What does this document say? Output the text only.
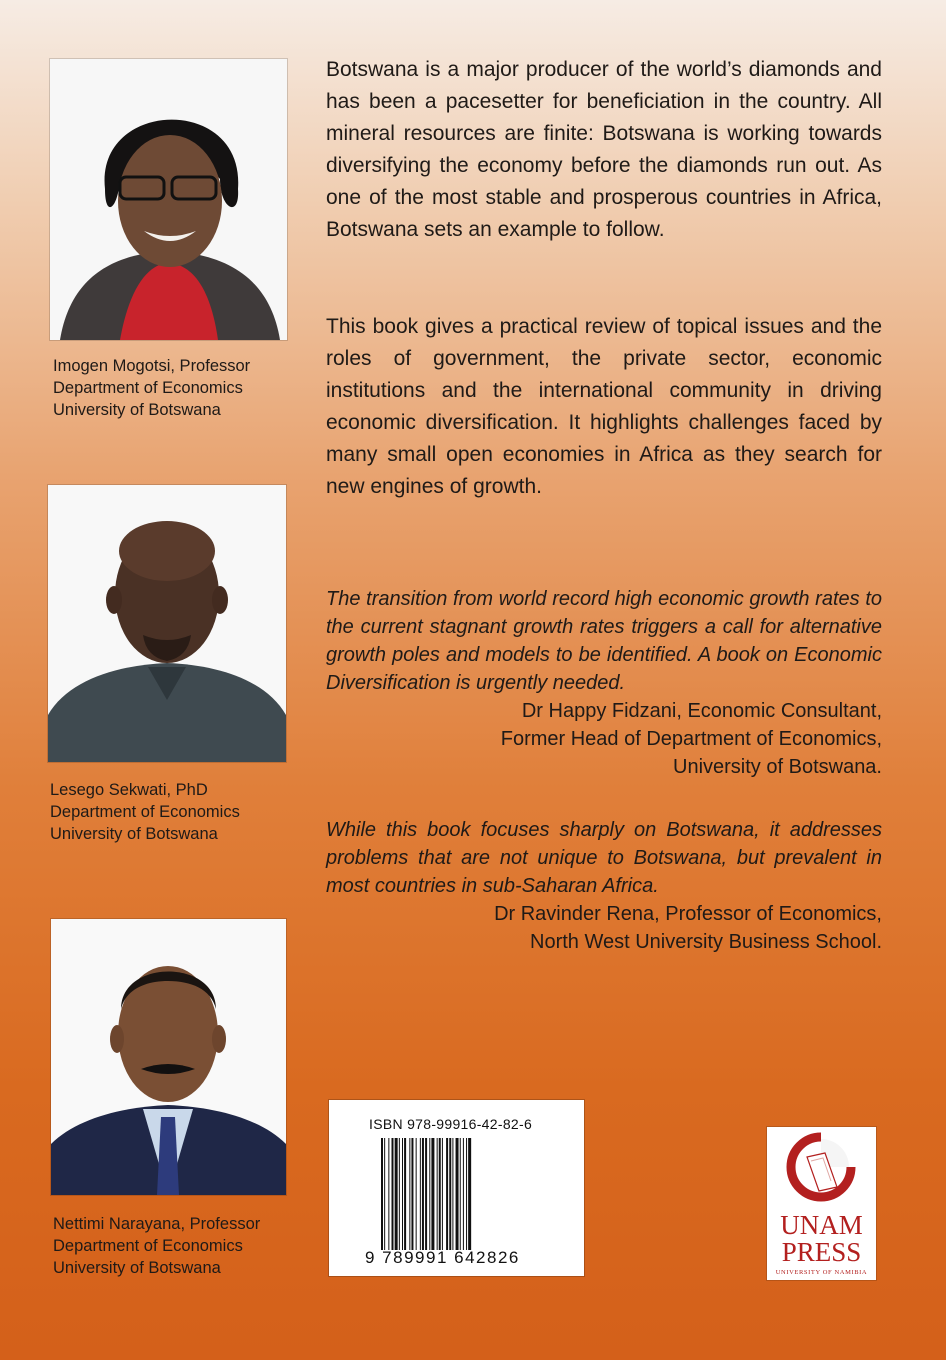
Imogen Mogotsi, Professor
Department of Economics
University of Botswana
Lesego Sekwati, PhD
Department of Economics
University of Botswana
Nettimi Narayana, Professor
Department of Economics
University of Botswana

Botswana is a major producer of the world’s diamonds and has been a pacesetter for beneficiation in the country. All mineral resources are finite: Botswana is working towards diversifying the economy before the diamonds run out. As one of the most stable and prosperous countries in Africa, Botswana sets an example to follow.

This book gives a practical review of topical issues and the roles of government, the private sector, economic institutions and the international community in driving economic diversification. It highlights challenges faced by many small open economies in Africa as they search for new engines of growth.

The transition from world record high economic growth rates to the current stagnant growth rates triggers a call for alternative growth poles and models to be identified. A book on Economic Diversification is urgently needed.

Dr Happy Fidzani, Economic Consultant,
Former Head of Department of Economics,
University of Botswana.

While this book focuses sharply on Botswana, it addresses problems that are not unique to Botswana, but prevalent in most countries in sub-Saharan Africa.

Dr Ravinder Rena, Professor of Economics,
North West University Business School.
ISBN 978-99916-42-82-6
9 789991 642826
UNAM
PRESS
UNIVERSITY OF NAMIBIA
